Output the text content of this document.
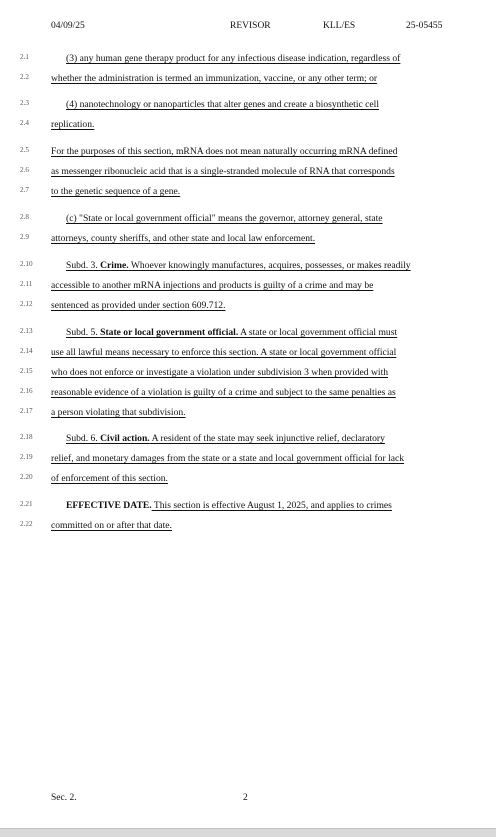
04/09/25	REVISOR	KLL/ES	25-05455
2.1	(3) any human gene therapy product for any infectious disease indication, regardless of
2.2 whether the administration is termed an immunization, vaccine, or any other term; or
2.3	(4) nanotechnology or nanoparticles that alter genes and create a biosynthetic cell
2.4 replication.
2.5 For the purposes of this section, mRNA does not mean naturally occurring mRNA defined
2.6 as messenger ribonucleic acid that is a single-stranded molecule of RNA that corresponds
2.7 to the genetic sequence of a gene.
2.8	(c) "State or local government official" means the governor, attorney general, state
2.9 attorneys, county sheriffs, and other state and local law enforcement.
2.10	Subd. 3. Crime. Whoever knowingly manufactures, acquires, possesses, or makes readily
2.11 accessible to another mRNA injections and products is guilty of a crime and may be
2.12 sentenced as provided under section 609.712.
2.13	Subd. 5. State or local government official. A state or local government official must
2.14 use all lawful means necessary to enforce this section. A state or local government official
2.15 who does not enforce or investigate a violation under subdivision 3 when provided with
2.16 reasonable evidence of a violation is guilty of a crime and subject to the same penalties as
2.17 a person violating that subdivision.
2.18	Subd. 6. Civil action. A resident of the state may seek injunctive relief, declaratory
2.19 relief, and monetary damages from the state or a state and local government official for lack
2.20 of enforcement of this section.
2.21	EFFECTIVE DATE. This section is effective August 1, 2025, and applies to crimes
2.22 committed on or after that date.
Sec. 2.	2
